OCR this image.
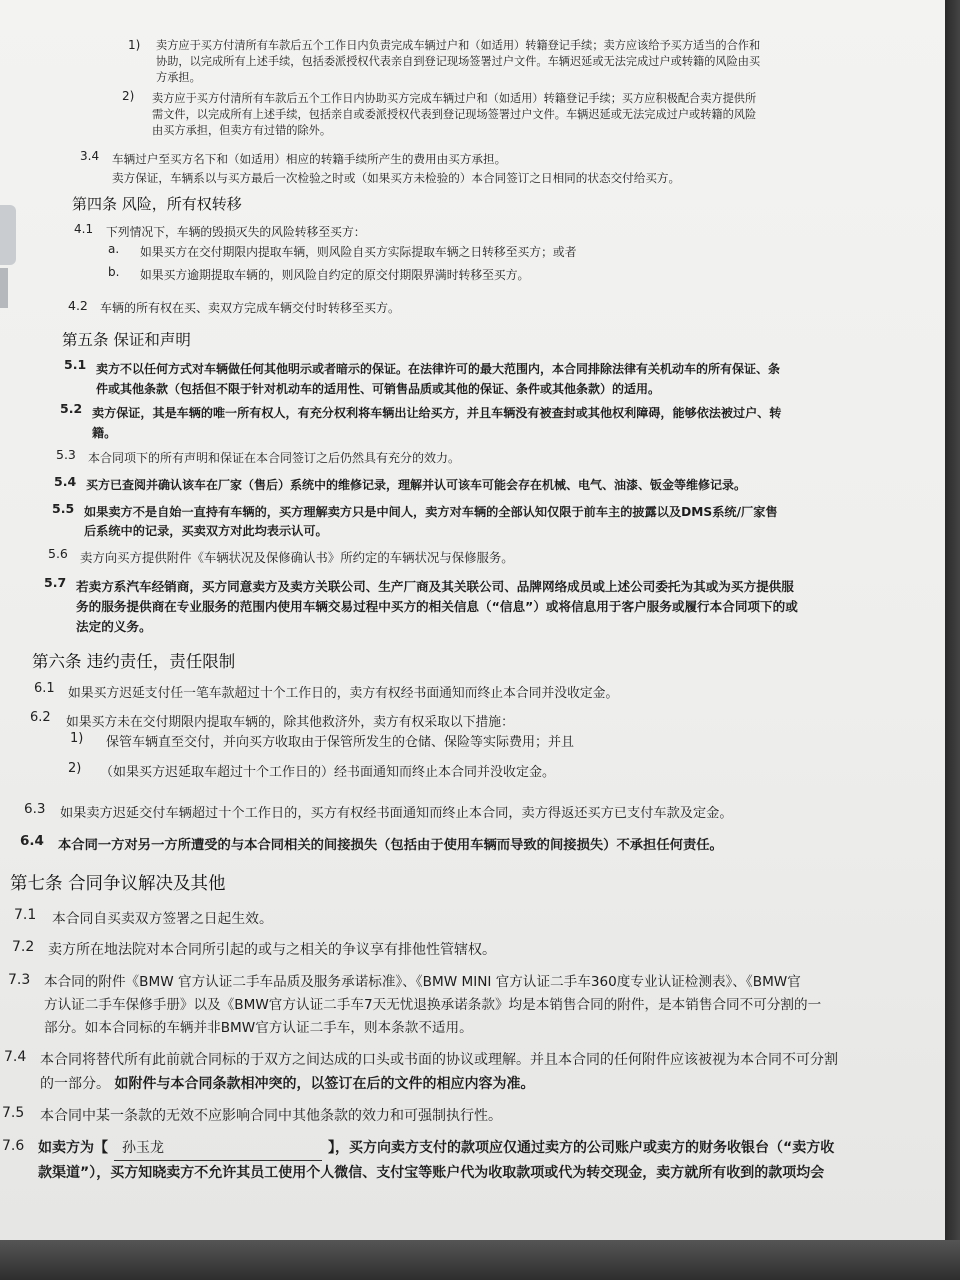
1) 卖方应于买方付清所有车款后五个工作日内负责完成车辆过户和（如适用）转籍登记手续；卖方应该给予买方适当的合作和
协助，以完成所有上述手续，包括委派授权代表亲自到登记现场签署过户文件。车辆迟延或无法完成过户或转籍的风险由买
方承担。
2) 卖方应于买方付清所有车款后五个工作日内协助买方完成车辆过户和（如适用）转籍登记手续；买方应积极配合卖方提供所
需文件，以完成所有上述手续，包括亲自或委派授权代表到登记现场签署过户文件。车辆迟延或无法完成过户或转籍的风险
由买方承担，但卖方有过错的除外。
3.4 车辆过户至买方名下和（如适用）相应的转籍手续所产生的费用由买方承担。
卖方保证，车辆系以与买方最后一次检验之时或（如果买方未检验的）本合同签订之日相同的状态交付给买方。
第四条 风险，所有权转移
4.1 下列情况下，车辆的毁损灭失的风险转移至买方：
a. 如果买方在交付期限内提取车辆，则风险自买方实际提取车辆之日转移至买方；或者
b. 如果买方逾期提取车辆的，则风险自约定的原交付期限界满时转移至买方。
4.2 车辆的所有权在买、卖双方完成车辆交付时转移至买方。
第五条 保证和声明
5.1 卖方不以任何方式对车辆做任何其他明示或者暗示的保证。在法律许可的最大范围内，本合同排除法律有关机动车的所有保证、条
件或其他条款（包括但不限于针对机动车的适用性、可销售品质或其他的保证、条件或其他条款）的适用。
5.2 卖方保证，其是车辆的唯一所有权人，有充分权利将车辆出让给买方，并且车辆没有被查封或其他权利障碍，能够依法被过户、转
籍。
5.3 本合同项下的所有声明和保证在本合同签订之后仍然具有充分的效力。
5.4 买方已查阅并确认该车在厂家（售后）系统中的维修记录，理解并认可该车可能会存在机械、电气、油漆、钣金等维修记录。
5.5 如果卖方不是自始一直持有车辆的，买方理解卖方只是中间人，卖方对车辆的全部认知仅限于前车主的披露以及DMS系统/厂家售
后系统中的记录，买卖双方对此均表示认可。
5.6 卖方向买方提供附件《车辆状况及保修确认书》所约定的车辆状况与保修服务。
5.7 若卖方系汽车经销商，买方同意卖方及卖方关联公司、生产厂商及其关联公司、品牌网络成员或上述公司委托为其或为买方提供服
务的服务提供商在专业服务的范围内使用车辆交易过程中买方的相关信息（“信息”）或将信息用于客户服务或履行本合同项下的或
法定的义务。
第六条 违约责任，责任限制
6.1 如果买方迟延支付任一笔车款超过十个工作日的，卖方有权经书面通知而终止本合同并没收定金。
6.2 如果买方未在交付期限内提取车辆的，除其他救济外，卖方有权采取以下措施：
1) 保管车辆直至交付，并向买方收取由于保管所发生的仓储、保险等实际费用；并且
2) （如果买方迟延取车超过十个工作日的）经书面通知而终止本合同并没收定金。
6.3 如果卖方迟延交付车辆超过十个工作日的，买方有权经书面通知而终止本合同，卖方得返还买方已支付车款及定金。
6.4 本合同一方对另一方所遭受的与本合同相关的间接损失（包括由于使用车辆而导致的间接损失）不承担任何责任。
第七条 合同争议解决及其他
7.1 本合同自买卖双方签署之日起生效。
7.2 卖方所在地法院对本合同所引起的或与之相关的争议享有排他性管辖权。
7.3 本合同的附件《BMW 官方认证二手车品质及服务承诺标准》、《BMW MINI 官方认证二手车360度专业认证检测表》、《BMW官
方认证二手车保修手册》以及《BMW官方认证二手车7天无忧退换承诺条款》均是本销售合同的附件，是本销售合同不可分割的一
部分。如本合同标的车辆并非BMW官方认证二手车，则本条款不适用。
7.4 本合同将替代所有此前就合同标的于双方之间达成的口头或书面的协议或理解。并且本合同的任何附件应该被视为本合同不可分割
的一部分。 如附件与本合同条款相冲突的，以签订在后的文件的相应内容为准。
7.5 本合同中某一条款的无效不应影响合同中其他条款的效力和可强制执行性。
7.6 如卖方为【 孙玉龙	】，买方向卖方支付的款项应仅通过卖方的公司账户或卖方的财务收银台（“卖方收
款渠道”），买方知晓卖方不允许其员工使用个人微信、支付宝等账户代为收取款项或代为转交现金，卖方就所有收到的款项均会
